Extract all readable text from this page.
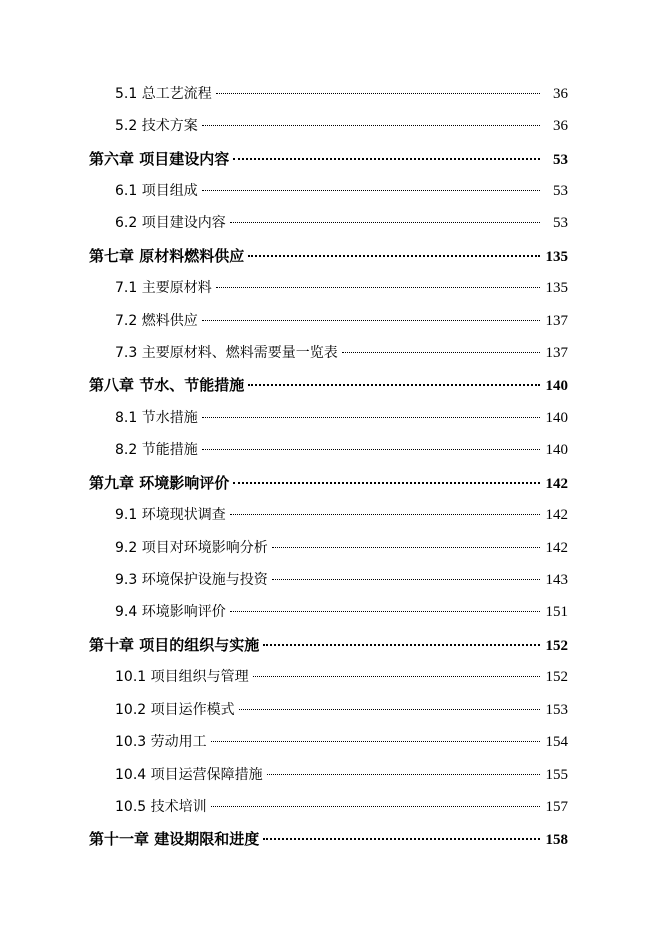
5.1 总工艺流程	36
5.2 技术方案	36
第六章 项目建设内容	53
6.1 项目组成	53
6.2 项目建设内容	53
第七章 原材料燃料供应	135
7.1 主要原材料	135
7.2 燃料供应	137
7.3 主要原材料、燃料需要量一览表	137
第八章 节水、节能措施	140
8.1 节水措施	140
8.2 节能措施	140
第九章 环境影响评价	142
9.1 环境现状调查	142
9.2 项目对环境影响分析	142
9.3 环境保护设施与投资	143
9.4 环境影响评价	151
第十章 项目的组织与实施	152
10.1 项目组织与管理	152
10.2 项目运作模式	153
10.3 劳动用工	154
10.4 项目运营保障措施	155
10.5 技术培训	157
第十一章 建设期限和进度	158
